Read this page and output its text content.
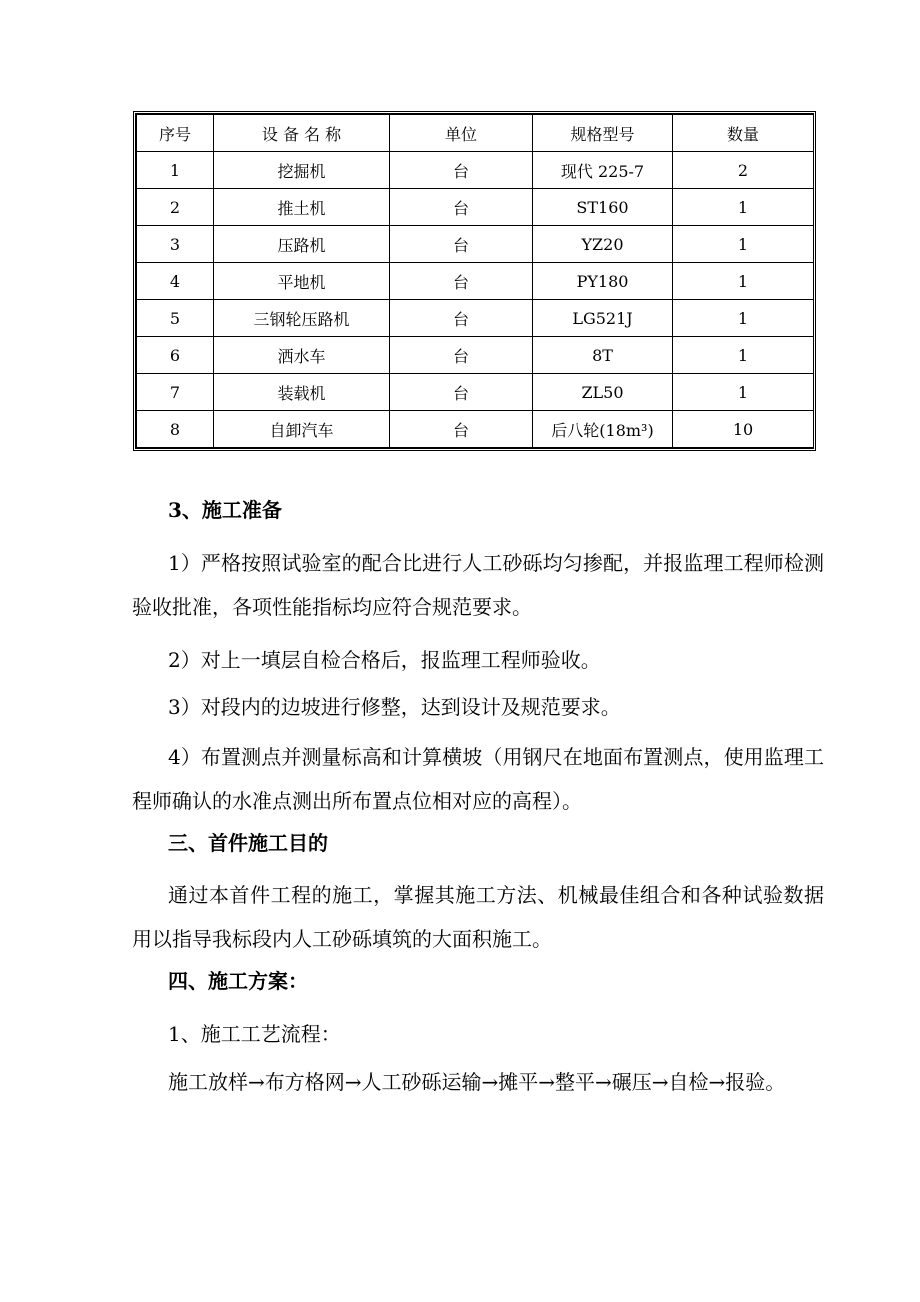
序号	设 备 名 称	单位	规格型号	数量
1	挖掘机	台	现代 225-7	2
2	推土机	台	ST160	1
3	压路机	台	YZ20	1
4	平地机	台	PY180	1
5	三钢轮压路机	台	LG521J	1
6	洒水车	台	8T	1
7	装载机	台	ZL50	1
8	自卸汽车	台	后八轮(18m³)	10
3、施工准备
1）严格按照试验室的配合比进行人工砂砾均匀掺配，并报监理工程师检测验收批准，各项性能指标均应符合规范要求。
2）对上一填层自检合格后，报监理工程师验收。
3）对段内的边坡进行修整，达到设计及规范要求。
4）布置测点并测量标高和计算横坡（用钢尺在地面布置测点，使用监理工程师确认的水准点测出所布置点位相对应的高程）。
三、首件施工目的
通过本首件工程的施工，掌握其施工方法、机械最佳组合和各种试验数据用以指导我标段内人工砂砾填筑的大面积施工。
四、施工方案：
1、施工工艺流程：
施工放样→布方格网→人工砂砾运输→摊平→整平→碾压→自检→报验。
